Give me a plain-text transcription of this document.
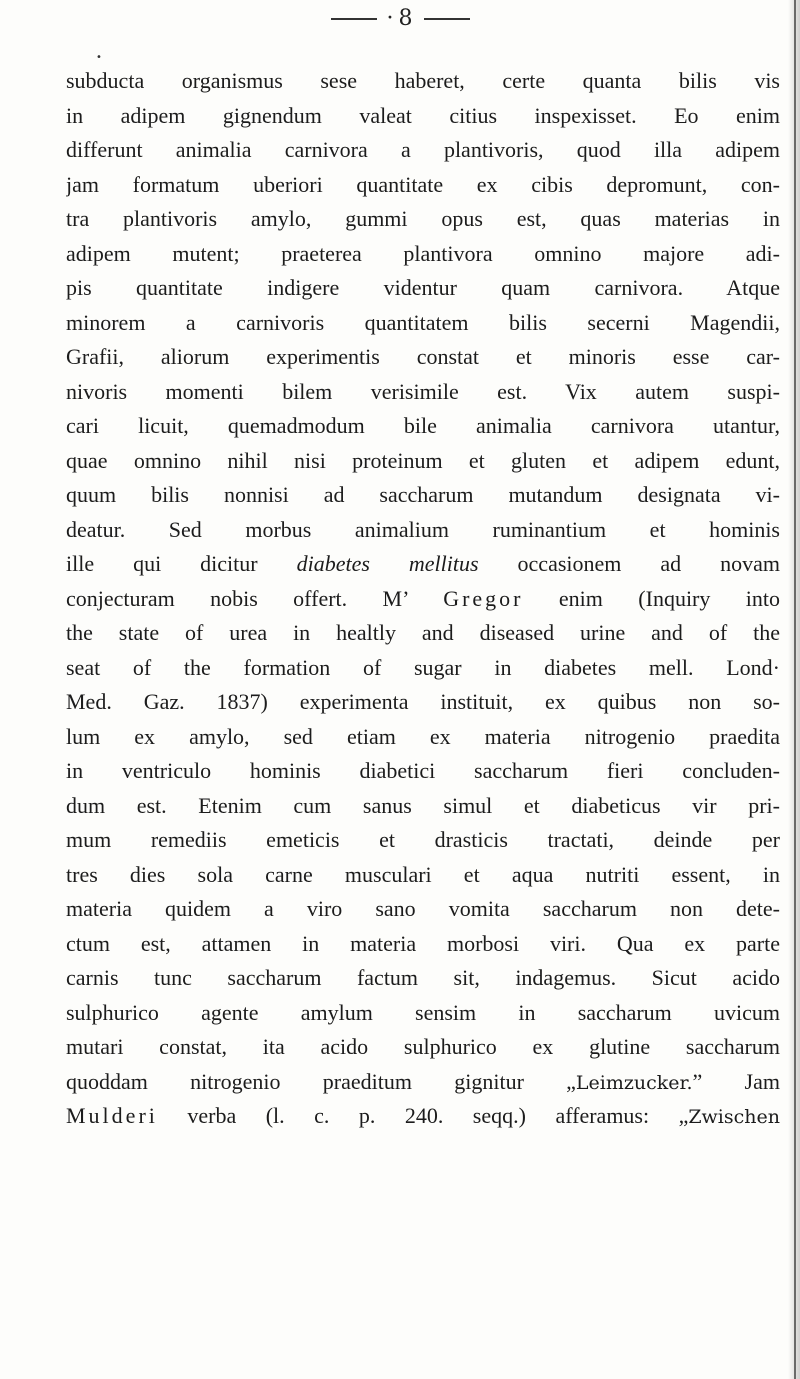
· 8
•
subducta organismus sese haberet, certe quanta bilis vis
in adipem gignendum valeat citius inspexisset. Eo enim
differunt animalia carnivora a plantivoris, quod illa adipem
jam formatum uberiori quantitate ex cibis depromunt, con-
tra plantivoris amylo, gummi opus est, quas materias in
adipem mutent; praeterea plantivora omnino majore adi-
pis quantitate indigere videntur quam carnivora. Atque
minorem a carnivoris quantitatem bilis secerni Magendii,
Grafii, aliorum experimentis constat et minoris esse car-
nivoris momenti bilem verisimile est. Vix autem suspi-
cari licuit, quemadmodum bile animalia carnivora utantur,
quae omnino nihil nisi proteinum et gluten et adipem edunt,
quum bilis nonnisi ad saccharum mutandum designata vi-
deatur. Sed morbus animalium ruminantium et hominis
ille qui dicitur diabetes mellitus occasionem ad novam
conjecturam nobis offert. M’ Gregor enim (Inquiry into
the state of urea in healtly and diseased urine and of the
seat of the formation of sugar in diabetes mell. Lond·
Med. Gaz. 1837) experimenta instituit, ex quibus non so-
lum ex amylo, sed etiam ex materia nitrogenio praedita
in ventriculo hominis diabetici saccharum fieri concluden-
dum est. Etenim cum sanus simul et diabeticus vir pri-
mum remediis emeticis et drasticis tractati, deinde per
tres dies sola carne musculari et aqua nutriti essent, in
materia quidem a viro sano vomita saccharum non dete-
ctum est, attamen in materia morbosi viri. Qua ex parte
carnis tunc saccharum factum sit, indagemus. Sicut acido
sulphurico agente amylum sensim in saccharum uvicum
mutari constat, ita acido sulphurico ex glutine saccharum
quoddam nitrogenio praeditum gignitur „Leimzucker.” Jam
Mulderi verba (l. c. p. 240. seqq.) afferamus: „Zwischen
